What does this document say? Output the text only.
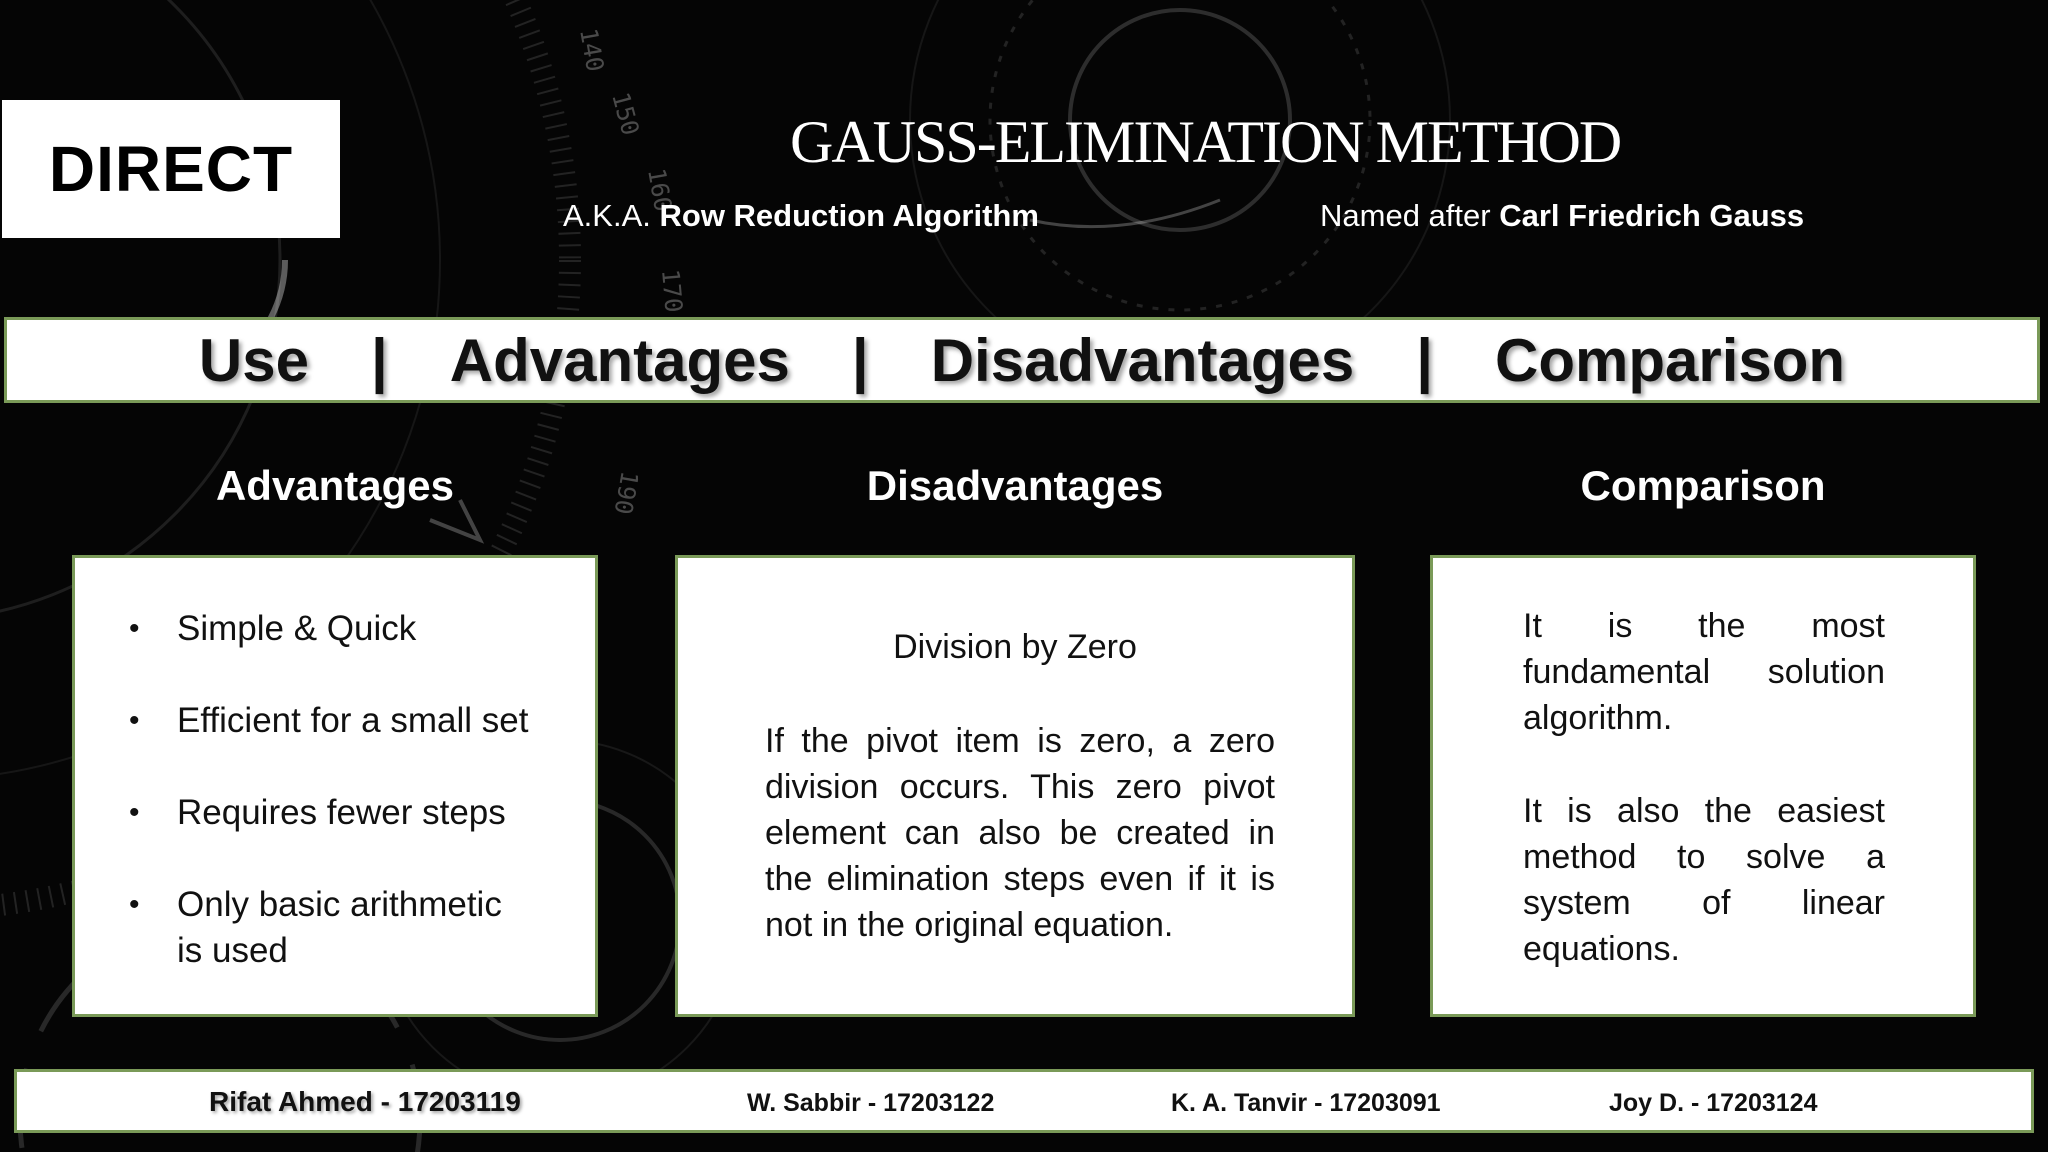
140
150
160
170
190
DIRECT	GAUSS-ELIMINATION METHOD
A.K.A. Row Reduction Algorithm	Named after Carl Friedrich Gauss
Use | Advantages | Disadvantages | Comparison
Advantages	Disadvantages	Comparison
• Simple & Quick
• Efficient for a small set
• Requires fewer steps
• Only basic arithmetic is used
Division by Zero
If the pivot item is zero, a zero division occurs. This zero pivot element can also be created in the elimination steps even if it is not in the original equation.
It is the most fundamental solution algorithm.
It is also the easiest method to solve a system of linear equations.
Rifat Ahmed - 17203119	W. Sabbir - 17203122	K. A. Tanvir - 17203091	Joy D. - 17203124
